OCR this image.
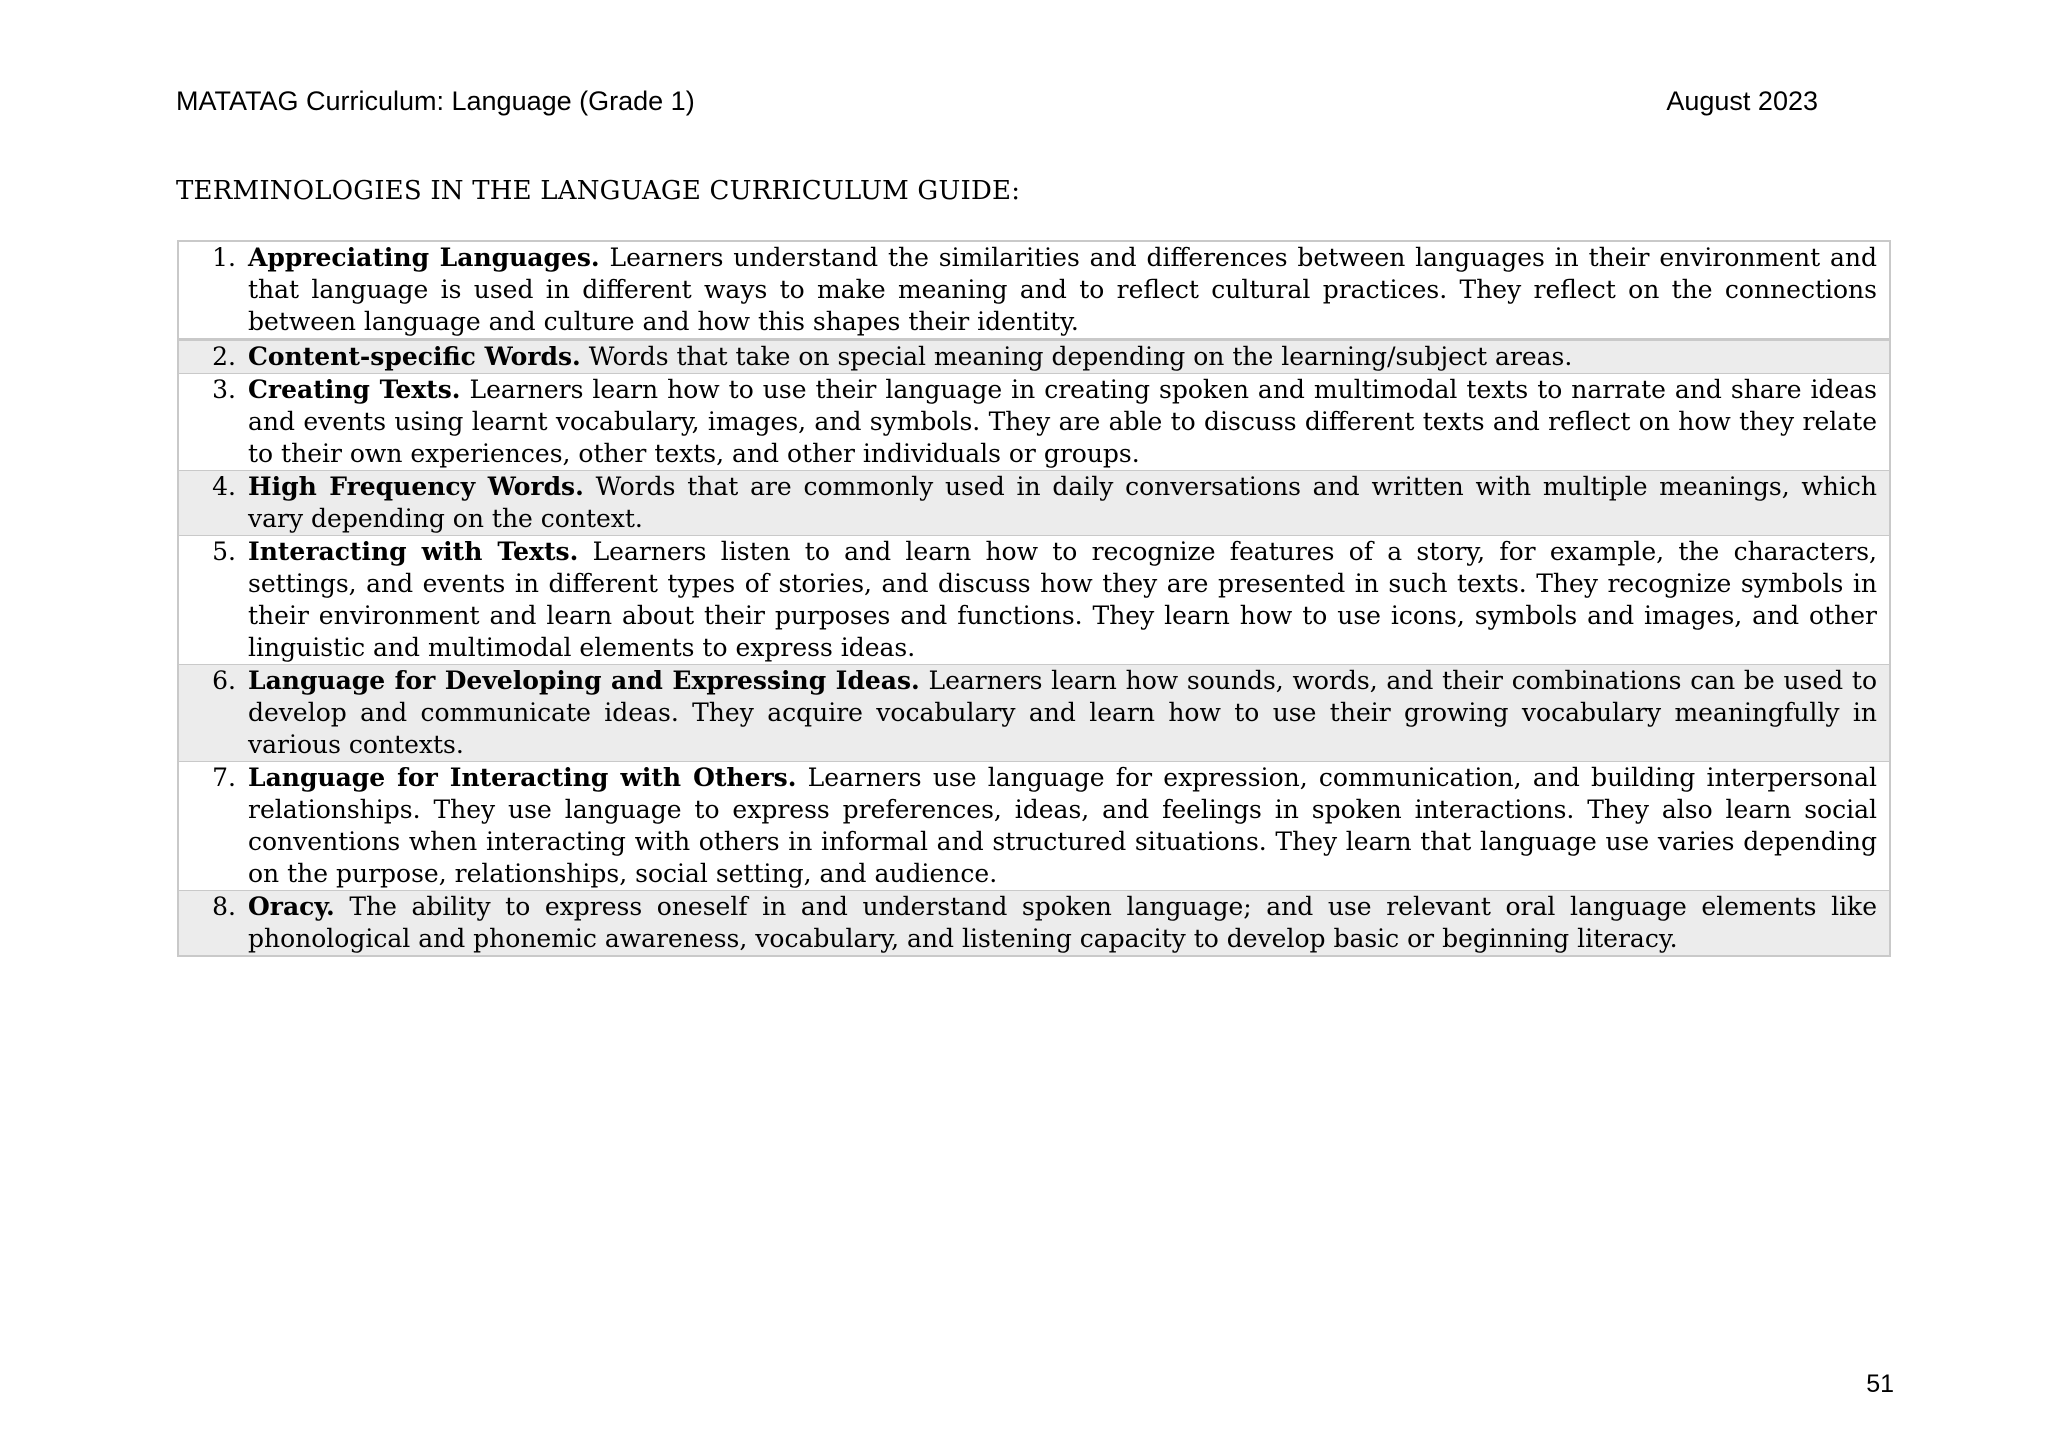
MATATAG Curriculum: Language (Grade 1)	August 2023
TERMINOLOGIES IN THE LANGUAGE CURRICULUM GUIDE:
1. Appreciating Languages. Learners understand the similarities and differences between languages in their environment and that language is used in different ways to make meaning and to reflect cultural practices. They reflect on the connections between language and culture and how this shapes their identity.
2. Content-specific Words. Words that take on special meaning depending on the learning/subject areas.
3. Creating Texts. Learners learn how to use their language in creating spoken and multimodal texts to narrate and share ideas and events using learnt vocabulary, images, and symbols. They are able to discuss different texts and reflect on how they relate to their own experiences, other texts, and other individuals or groups.
4. High Frequency Words. Words that are commonly used in daily conversations and written with multiple meanings, which vary depending on the context.
5. Interacting with Texts. Learners listen to and learn how to recognize features of a story, for example, the characters, settings, and events in different types of stories, and discuss how they are presented in such texts. They recognize symbols in their environment and learn about their purposes and functions. They learn how to use icons, symbols and images, and other linguistic and multimodal elements to express ideas.
6. Language for Developing and Expressing Ideas. Learners learn how sounds, words, and their combinations can be used to develop and communicate ideas. They acquire vocabulary and learn how to use their growing vocabulary meaningfully in various contexts.
7. Language for Interacting with Others. Learners use language for expression, communication, and building interpersonal relationships. They use language to express preferences, ideas, and feelings in spoken interactions. They also learn social conventions when interacting with others in informal and structured situations. They learn that language use varies depending on the purpose, relationships, social setting, and audience.
8. Oracy. The ability to express oneself in and understand spoken language; and use relevant oral language elements like phonological and phonemic awareness, vocabulary, and listening capacity to develop basic or beginning literacy.
51
